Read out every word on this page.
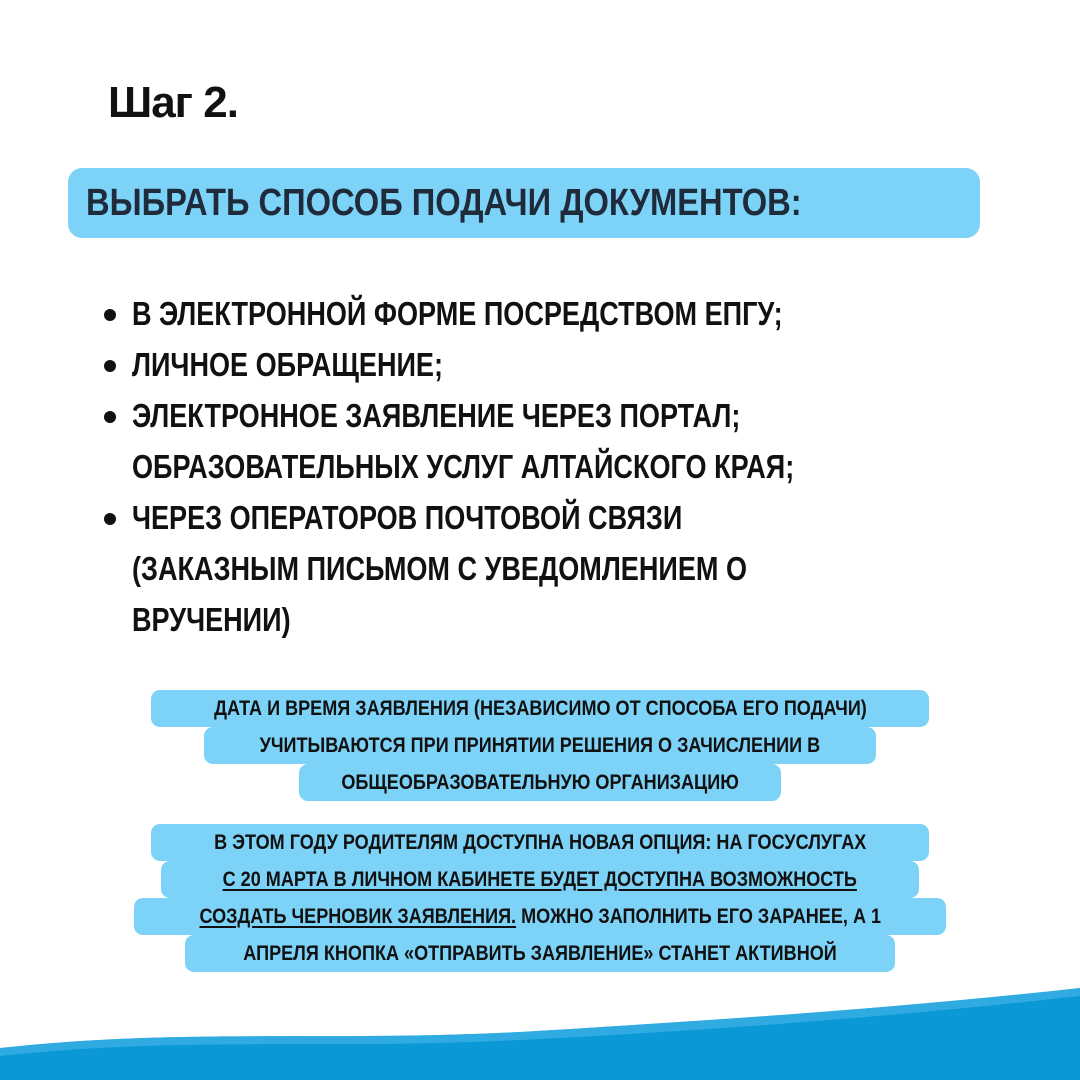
Шаг 2.
ВЫБРАТЬ СПОСОБ ПОДАЧИ ДОКУМЕНТОВ:
В ЭЛЕКТРОННОЙ ФОРМЕ ПОСРЕДСТВОМ ЕПГУ;
ЛИЧНОЕ ОБРАЩЕНИЕ;
ЭЛЕКТРОННОЕ ЗАЯВЛЕНИЕ ЧЕРЕЗ ПОРТАЛ;
ОБРАЗОВАТЕЛЬНЫХ УСЛУГ АЛТАЙСКОГО КРАЯ;
ЧЕРЕЗ ОПЕРАТОРОВ ПОЧТОВОЙ СВЯЗИ
(ЗАКАЗНЫМ ПИСЬМОМ С УВЕДОМЛЕНИЕМ О
ВРУЧЕНИИ)
ДАТА И ВРЕМЯ ЗАЯВЛЕНИЯ (НЕЗАВИСИМО ОТ СПОСОБА ЕГО ПОДАЧИ)
УЧИТЫВАЮТСЯ ПРИ ПРИНЯТИИ РЕШЕНИЯ О ЗАЧИСЛЕНИИ В
ОБЩЕОБРАЗОВАТЕЛЬНУЮ ОРГАНИЗАЦИЮ
В ЭТОМ ГОДУ РОДИТЕЛЯМ ДОСТУПНА НОВАЯ ОПЦИЯ: НА ГОСУСЛУГАХ
С 20 МАРТА В ЛИЧНОМ КАБИНЕТЕ БУДЕТ ДОСТУПНА ВОЗМОЖНОСТЬ
СОЗДАТЬ ЧЕРНОВИК ЗАЯВЛЕНИЯ. МОЖНО ЗАПОЛНИТЬ ЕГО ЗАРАНЕЕ, А 1
АПРЕЛЯ КНОПКА «ОТПРАВИТЬ ЗАЯВЛЕНИЕ» СТАНЕТ АКТИВНОЙ
